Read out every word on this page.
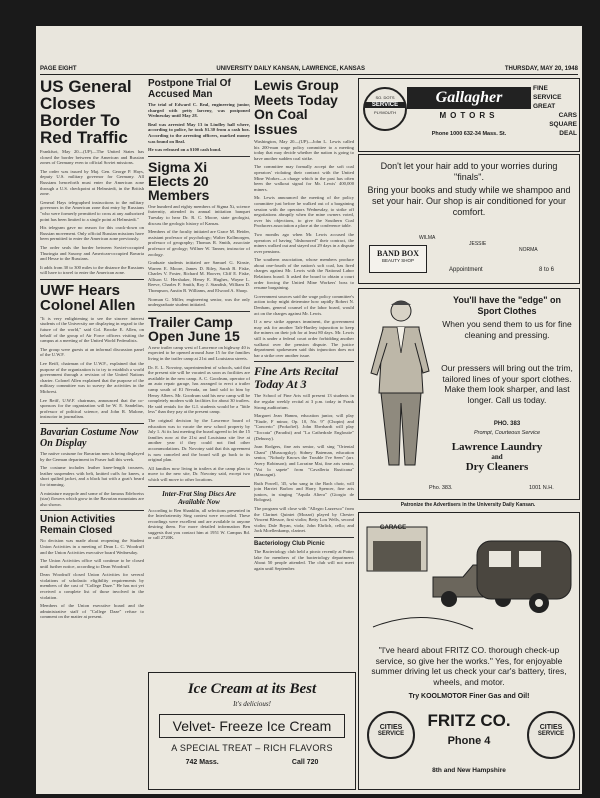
PAGE EIGHT	UNIVERSITY DAILY KANSAN, LAWRENCE, KANSAS	THURSDAY, MAY 20, 1948
US General Closes Border To Red Traffic

Frankfurt, May 20—(UP)—The United States has closed the border between the American and Russian zones of Germany even to official Soviet missions.

The order was issued by Maj. Gen. George P. Hays, deputy U.S. military governor for Germany. All Russians henceforth must enter the American zone through a U.S. checkpoint at Helmstedt, in the British zone.

General Hays telegraphed instructions to the military governors in the American zone that entry by Russians "who were formerly permitted to cross at any authorized point has been limited to a single point at Helmstedt."

His telegram gave no reason for this crack-down on Russian movement. Only official Russian missions have been permitted to enter the American zone previously.

The order seals the border between Soviet-occupied Thuringia and Saxony and American-occupied Bavaria and Hesse to the Russians.

It adds from 30 to 300 miles to the distance the Russians will have to travel to enter the American zone.

UWF Hears Colonel Allen

"It is very enlightening to see the sincere interest students of the University are displaying in regard to the future of the world," said Col. Brooke E. Allen, on behalf of the group of Air Force officers visiting the campus at a meeting of the United World Federalists.

The group were guests at an informal discussion panel of the U.W.F.

Lee Reiff, chairman of the U.W.F., explained that the purpose of the organization is to try to establish a world government through a revision of the United Nations charter. Colonel Allen explained that the purpose of the military committee was to survey the activities in the Midwest.

Lee Reiff, U.W.F. chairman, announced that the co-sponsors for the organization will be W. E. Sandelius, professor of political science, and John R. Malone, instructor in journalism.

Bavarian Costume Now On Display

The native costume for Bavarian men is being displayed by the German department in Fraser hall this week.

The costume includes leather knee-length trousers, leather suspenders with belt, knitted cuffs for knees, a short quilted jacket, and a black hat with a goat's beard for trimming.

A miniature maypole and some of the famous Edelweiss (star) flowers which grow in the Bavarian mountains are also shown.

Union Activities Remain Closed

No decision was made about reopening the Student Union Activities in a meeting of Dean L. C. Woodruff and the Union Activities executive board Wednesday.

The Union Activities office will continue to be closed until further notice, according to Dean Woodruff.

Dean Woodruff closed Union Activities for several violations of scholastic eligibility requirements by members of the cast of "College Daze." He has not yet received a complete list of those involved in the violation.

Members of the Union executive board and the administrative staff of "College Daze" refuse to comment on the matter at present.

Postpone Trial Of Accused Man

The trial of Edward C. Beal, engineering junior, charged with petty larceny, was postponed Wednesday until May 28.

Beal was arrested May 13 in Lindley hall where, according to police, he took $1.30 from a cash box. According to the arresting officers, marked money was found on Beal.

He was released on a $100 cash bond.

Sigma Xi Elects 20 Members

One hundred and eighty members of Sigma Xi, science fraternity, attended its annual initiation banquet Tuesday to hear Dr. R. C. Moore, state geologist, discuss the geologic history of Kansas.

Members of the faculty initiated are Grace M. Heider, assistant professor of psychology; Walter Kollmorgen, professor of geography; Thomas R. Smith, associate professor of geology; Willner W. Tanner, instructor of zoology.

Graduate students initiated are Samuel G. Kinsie, Warren E. Moore, James D. Riley, Sarah B. Fiske, Charles V. Foster, Richard M. Hoover, Cliff E. Fiske, Allison U. Hershaker, Henry E. Hughes, Wayne L. Reeve, Charles F. Smith, Roy J. Standish, William D. Thompson, Austin B. Williams, and Elwood A. Sharp.

Norman G. Miller, engineering senior, was the only undergraduate student initiated.

Trailer Camp Open June 15

A new trailer camp west of Lawrence on highway 40 is expected to be opened around June 15 for the families living in the trailer camp at 21st and Louisiana streets.

Dr. E. L. Novotny, superintendent of schools, said that the present site will be vacated as soon as facilities are available in the new camp. A. C. Goodrum, operator of an auto repair garage, has arranged to erect a trailer camp south of El Nevada, on land sold to him by Henry Albers. Mr. Goodrum said his new camp will be completely modern with facilities for about 30 trailers. He said rentals for the G.I. students would be a "little less" than they pay at the present camp.

The original decision by the Lawrence board of education was to vacate the new school property by July 1. At its last meeting the board agreed to let the 15 families now at the 21st and Louisiana site live at another year if they could not find other accommodations. Dr. Novotny said that this agreement is now canceled and the board will go back to its original plan.

All families now living in trailers at the camp plan to move to the new site, Dr. Novotny said, except two which will move to other locations.

Inter-Frat Sing Discs Are Available Now

According to Ben Shanklin, all selections presented in the Interfraternity Sing contest were recorded. These recordings were excellent and are available to anyone desiring them. For more detailed information Ben suggests that you contact him at 1951 W. Campus Rd. or call 2720K.

Lewis Group Meets Today On Coal Issues

Washington, May 20—(UP)—John L. Lewis called his 200-man wage policy committee to a meeting today that may decide whether the nation is going to have another sudden coal strike.

The committee may formally accept the soft coal operators' violating their contract with the United Mine Worker—a charge which in the past has often been the walkout signal for Mr. Lewis' 400,000 miners.

Mr. Lewis announced the meeting of the policy committee just before he walked out of a bargaining session with the operators Wednesday, to strike off negotiations abruptly when the mine owners voted, over his objections, to give the Southern Coal Producers association a place at the conference table.

Two months ago when Mr. Lewis accused the operators of having "dishonored" their contract, the miners walked out and stayed out 29 days in a dispute over pensions.

The southern association, whose members produce about one-fourth of the nation's soft coal, has fired charges against Mr. Lewis with the National Labor Relations board. It asked the board to obtain a court order forcing the United Mine Workers' boss to resume bargaining.

Government sources said the wage policy committee's action today might determine how rapidly Robert N. Denham, general counsel of the labor board, would act on the charges against Mr. Lewis.

If a new strike appears imminent, the government may ask for another Taft-Hartley injunction to keep the miners on their job for at least 80 days. Mr. Lewis still is under a federal court order forbidding another walkout over the pension dispute. The justice department spokesmen said this injunction does not bar a strike over another issue.

Fine Arts Recital Today At 3

The School of Fine Arts will present 13 students in the regular weekly recital at 3 p.m. today in Frank Strong auditorium.

Margaret Jean Hamm, education junior, will play "Etude, F minor, Op. 10, No. 9" (Chopin) and "Concerto" (Prokofief). John Eberhardt will play "Toccata" (Paradisi) and "La Cathedrale Engloutie" (Debussy).

Joan Rodgers, fine arts senior, will sing "Oriental Chant" (Mussorgsky); Sidney Bateman, education senior, "Nobody Knows the Trouble I've Seen" (arr. Avery Robinson); and Lorraine Mai, fine arts senior, "Voi lo sapete" from "Cavalleria Rusticana" (Mascagni).

Ruth Powell, '45, who sang in the Bach choir, will join Harriet Barlow and Harry Spencer, fine arts juniors, in singing "Aquila Altera" (Giorgio de Bologna).

The program will close with "Allegro Lazzesco" from the Clarinet Quintet (Mozart) played by Chester Vincent Blessoe, first violin; Betty Lou Wells, second violin; Dale Bryan, viola; John Ehrlich, cello; and Jack Moellenkamp, clarinet.

Bacteriology Club Picnic

The Bacteriology club held a picnic recently at Potter lake for members of the bacteriology department. About 50 people attended. The club will not meet again until September.

Ice Cream at its Best
It's delicious!
Velvet- Freeze Ice Cream
A SPECIAL TREAT – RICH FLAVORS
742 Mass.	Call 720
SO. DOTS
SERVICE
PLYMOUTH
Gallagher
MOTORS
Phone 1000 632-34 Mass. St.
FINE
SERVICE
GREAT
CARS
SQUARE
DEAL
Don't let your hair add to your worries during "finals".
Bring your books and study while we shampoo and set your hair. Our shop is air conditioned for your comfort.
WILMA
JESSIE
NORMA
BAND BOX
BEAUTY SHOP
Appointment	8 to 6
You'll have the "edge" on Sport Clothes
When you send them to us for fine cleaning and pressing.
Our pressers will bring out the trim, tailored lines of your sport clothes. Make them look sharper, and last longer. Call us today.
PHO. 383
Prompt, Courteous Service
Lawrence Laundry
and
Dry Cleaners
Pho. 383.	1001 N.H.
Patronize the Advertisers in the University Daily Kansan.
GARAGE
"I've heard about FRITZ CO. thorough check-up service, so give her the works." Yes, for enjoyable summer driving let us check your car's battery, tires, wheels, and motor.
Try KOOLMOTOR Finer Gas and Oil!
CITIES
SERVICE
CITIES
SERVICE
FRITZ CO.
Phone 4
8th and New Hampshire
